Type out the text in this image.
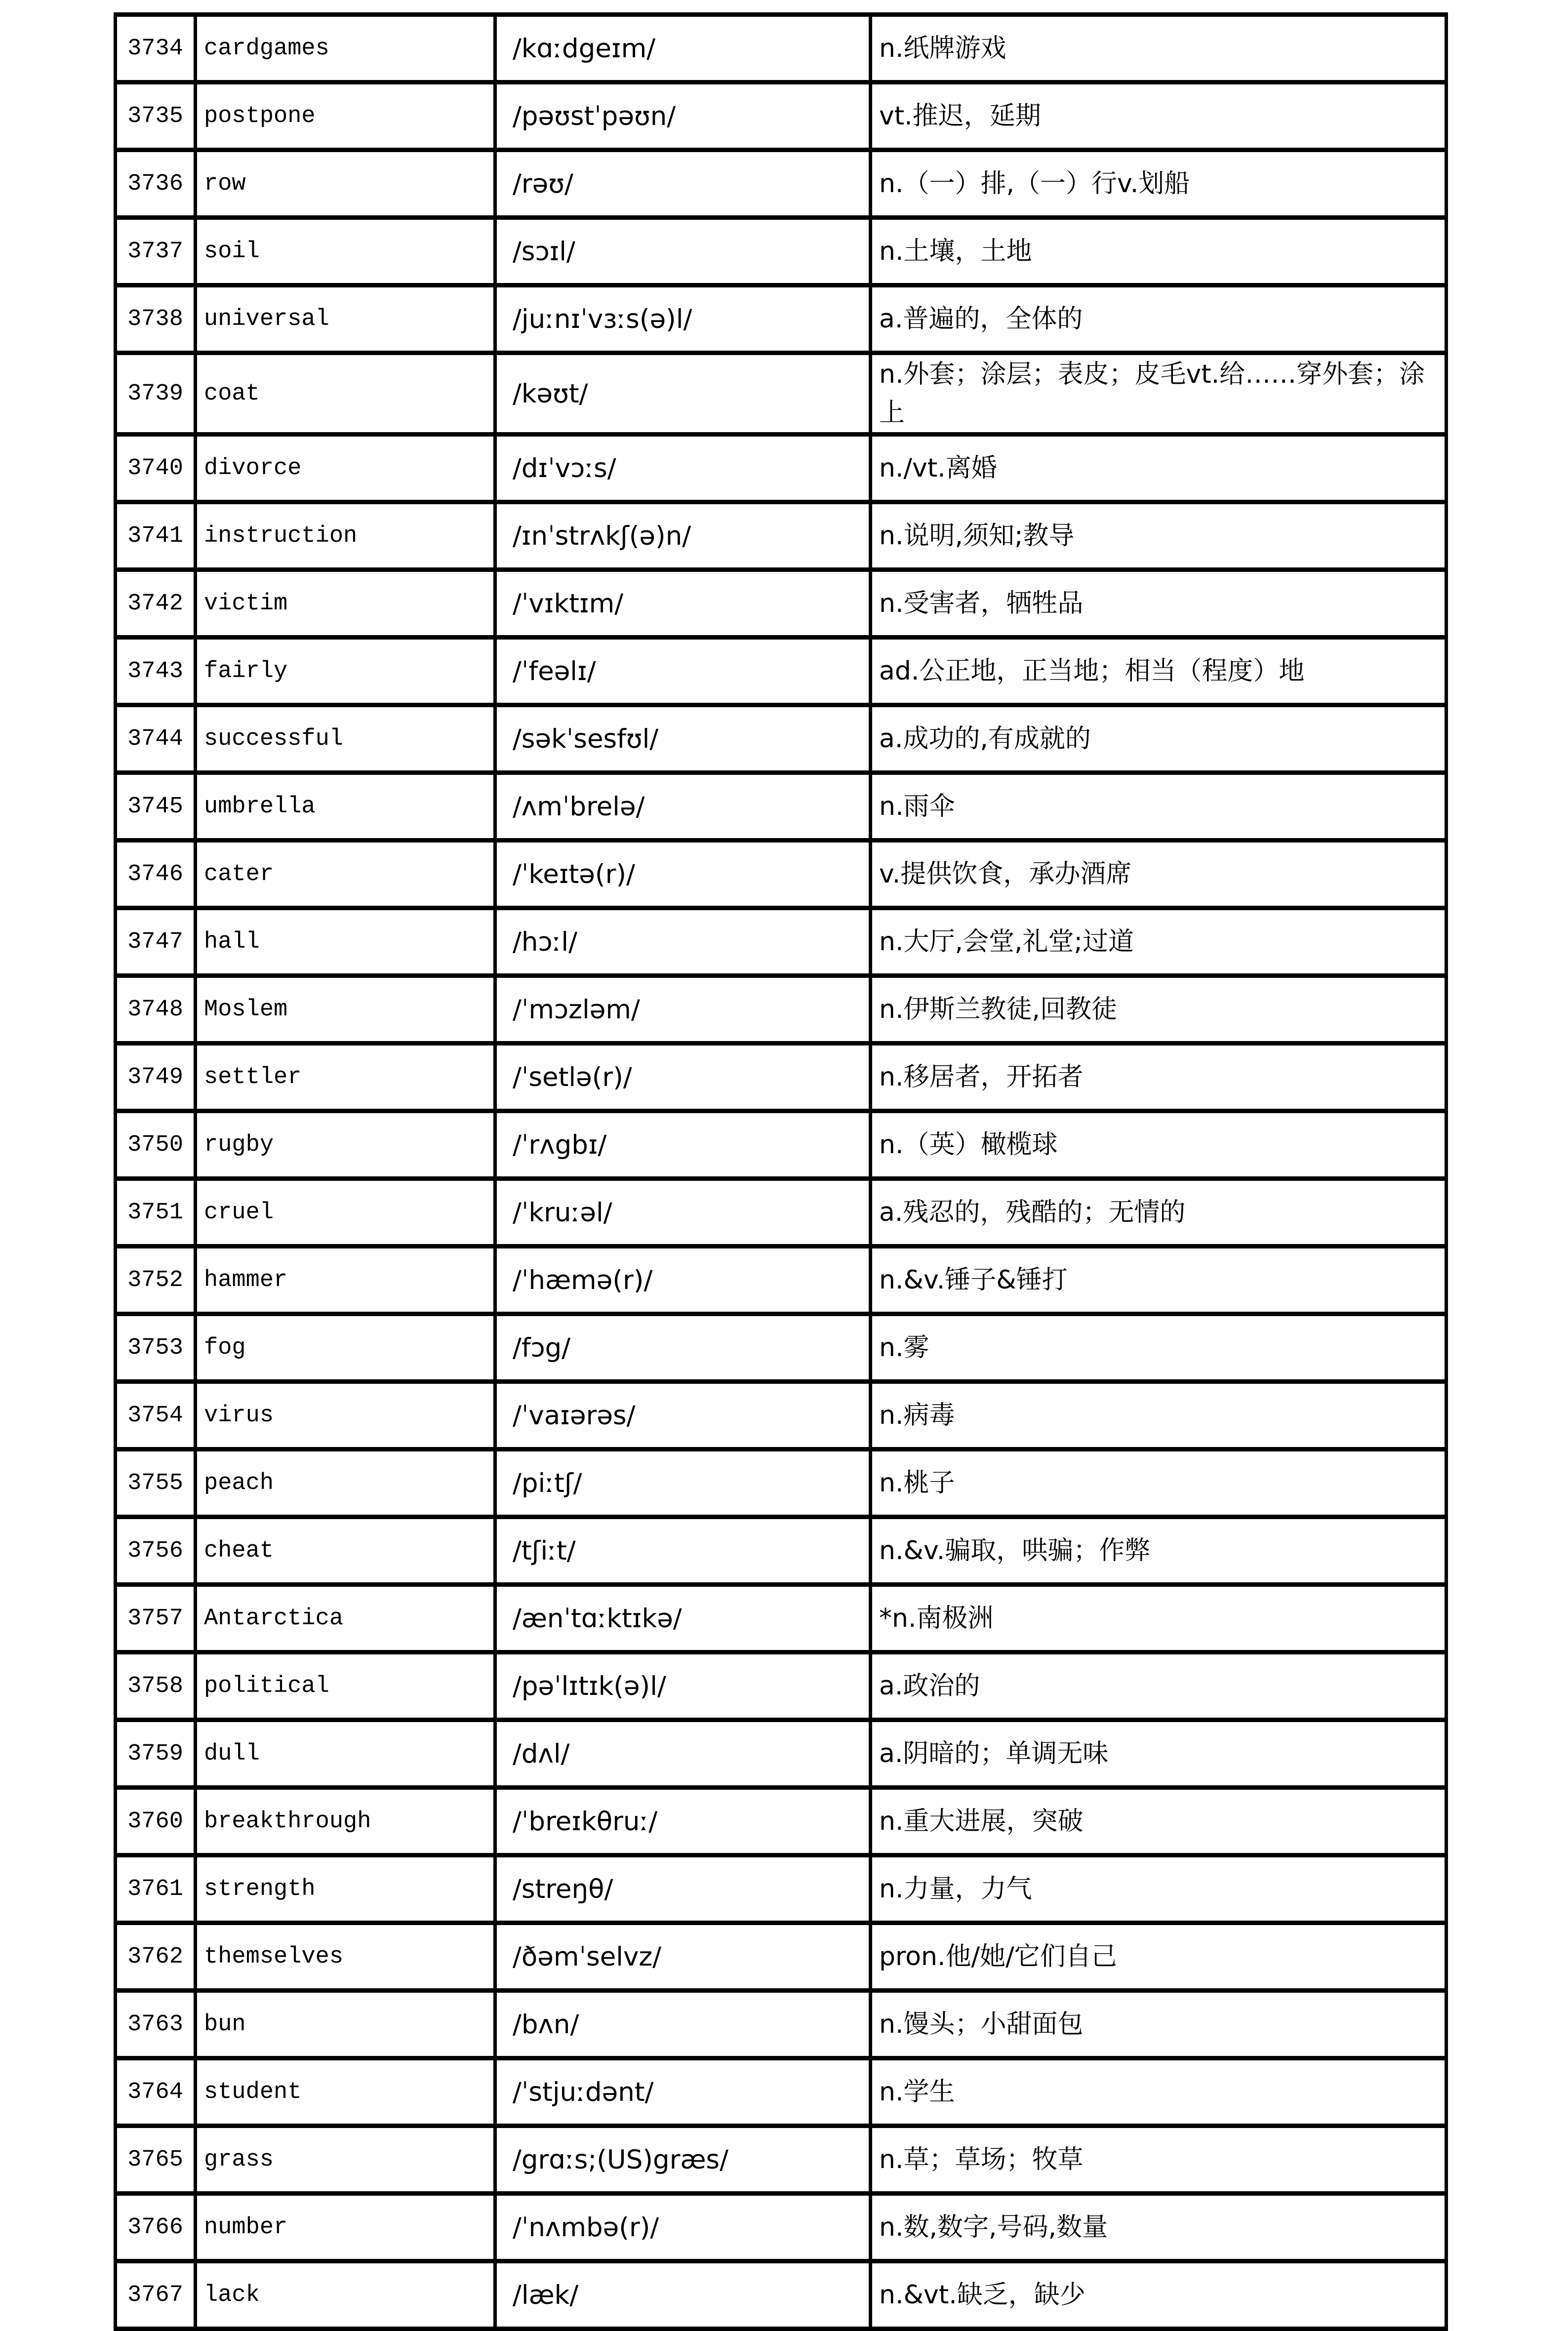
3734	cardgames	/kɑːdgeɪm/	n.纸牌游戏
3735	postpone	/pəʊstˈpəʊn/	vt.推迟，延期
3736	row	/rəʊ/	n.（一）排,（一）行v.划船
3737	soil	/sɔɪl/	n.土壤，土地
3738	universal	/juːnɪˈvɜːs(ə)l/	a.普遍的，全体的
3739	coat	/kəʊt/	n.外套；涂层；表皮；皮毛vt.给……穿外套；涂上
3740	divorce	/dɪˈvɔːs/	n./vt.离婚
3741	instruction	/ɪnˈstrʌkʃ(ə)n/	n.说明,须知;教导
3742	victim	/ˈvɪktɪm/	n.受害者，牺牲品
3743	fairly	/ˈfeəlɪ/	ad.公正地，正当地；相当（程度）地
3744	successful	/səkˈsesfʊl/	a.成功的,有成就的
3745	umbrella	/ʌmˈbrelə/	n.雨伞
3746	cater	/ˈkeɪtə(r)/	v.提供饮食，承办酒席
3747	hall	/hɔːl/	n.大厅,会堂,礼堂;过道
3748	Moslem	/ˈmɔzləm/	n.伊斯兰教徒,回教徒
3749	settler	/ˈsetlə(r)/	n.移居者，开拓者
3750	rugby	/ˈrʌgbɪ/	n.（英）橄榄球
3751	cruel	/ˈkruːəl/	a.残忍的，残酷的；无情的
3752	hammer	/ˈhæmə(r)/	n.&v.锤子&锤打
3753	fog	/fɔg/	n.雾
3754	virus	/ˈvaɪərəs/	n.病毒
3755	peach	/piːtʃ/	n.桃子
3756	cheat	/tʃiːt/	n.&v.骗取，哄骗；作弊
3757	Antarctica	/ænˈtɑːktɪkə/	*n.南极洲
3758	political	/pəˈlɪtɪk(ə)l/	a.政治的
3759	dull	/dʌl/	a.阴暗的；单调无味
3760	breakthrough	/ˈbreɪkθruː/	n.重大进展，突破
3761	strength	/streŋθ/	n.力量，力气
3762	themselves	/ðəmˈselvz/	pron.他/她/它们自己
3763	bun	/bʌn/	n.馒头；小甜面包
3764	student	/ˈstjuːdənt/	n.学生
3765	grass	/grɑːs;(US)græs/	n.草；草场；牧草
3766	number	/ˈnʌmbə(r)/	n.数,数字,号码,数量
3767	lack	/læk/	n.&vt.缺乏，缺少
